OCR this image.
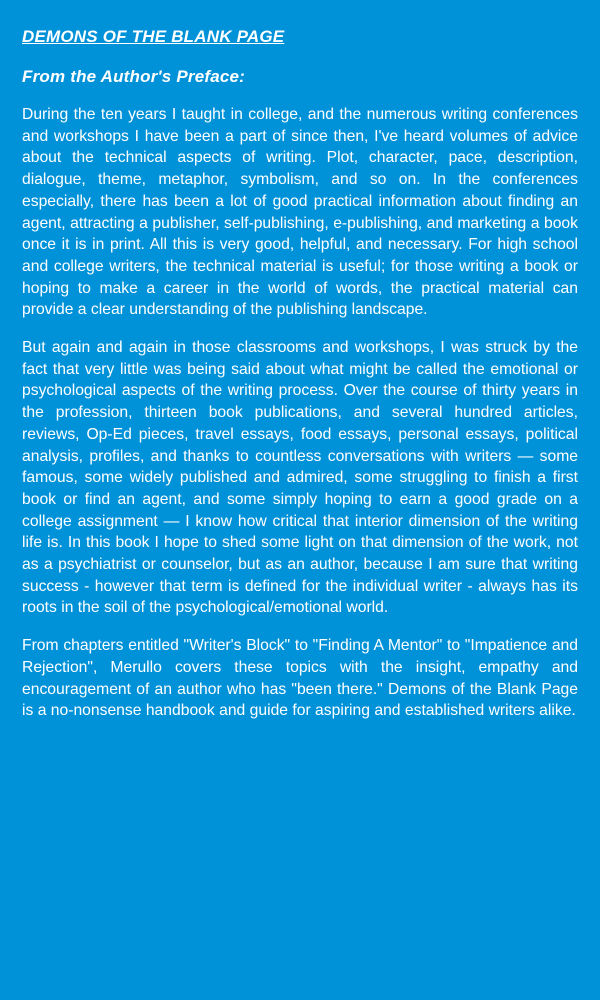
DEMONS OF THE BLANK PAGE
From the Author's Preface:

During the ten years I taught in college, and the numerous writing conferences and workshops I have been a part of since then, I've heard volumes of advice about the technical aspects of writing. Plot, character, pace, description, dialogue, theme, metaphor, symbolism, and so on. In the conferences especially, there has been a lot of good practical information about finding an agent, attracting a publisher, self-publishing, e-publishing, and marketing a book once it is in print. All this is very good, helpful, and necessary. For high school and college writers, the technical material is useful; for those writing a book or hoping to make a career in the world of words, the practical material can provide a clear understanding of the publishing landscape.

But again and again in those classrooms and workshops, I was struck by the fact that very little was being said about what might be called the emotional or psychological aspects of the writing process. Over the course of thirty years in the profession, thirteen book publications, and several hundred articles, reviews, Op-Ed pieces, travel essays, food essays, personal essays, political analysis, profiles, and thanks to countless conversations with writers — some famous, some widely published and admired, some struggling to finish a first book or find an agent, and some simply hoping to earn a good grade on a college assignment — I know how critical that interior dimension of the writing life is. In this book I hope to shed some light on that dimension of the work, not as a psychiatrist or counselor, but as an author, because I am sure that writing success - however that term is defined for the individual writer - always has its roots in the soil of the psychological/emotional world.

From chapters entitled "Writer's Block" to "Finding A Mentor" to "Impatience and Rejection", Merullo covers these topics with the insight, empathy and encouragement of an author who has "been there." Demons of the Blank Page is a no-nonsense handbook and guide for aspiring and established writers alike.
